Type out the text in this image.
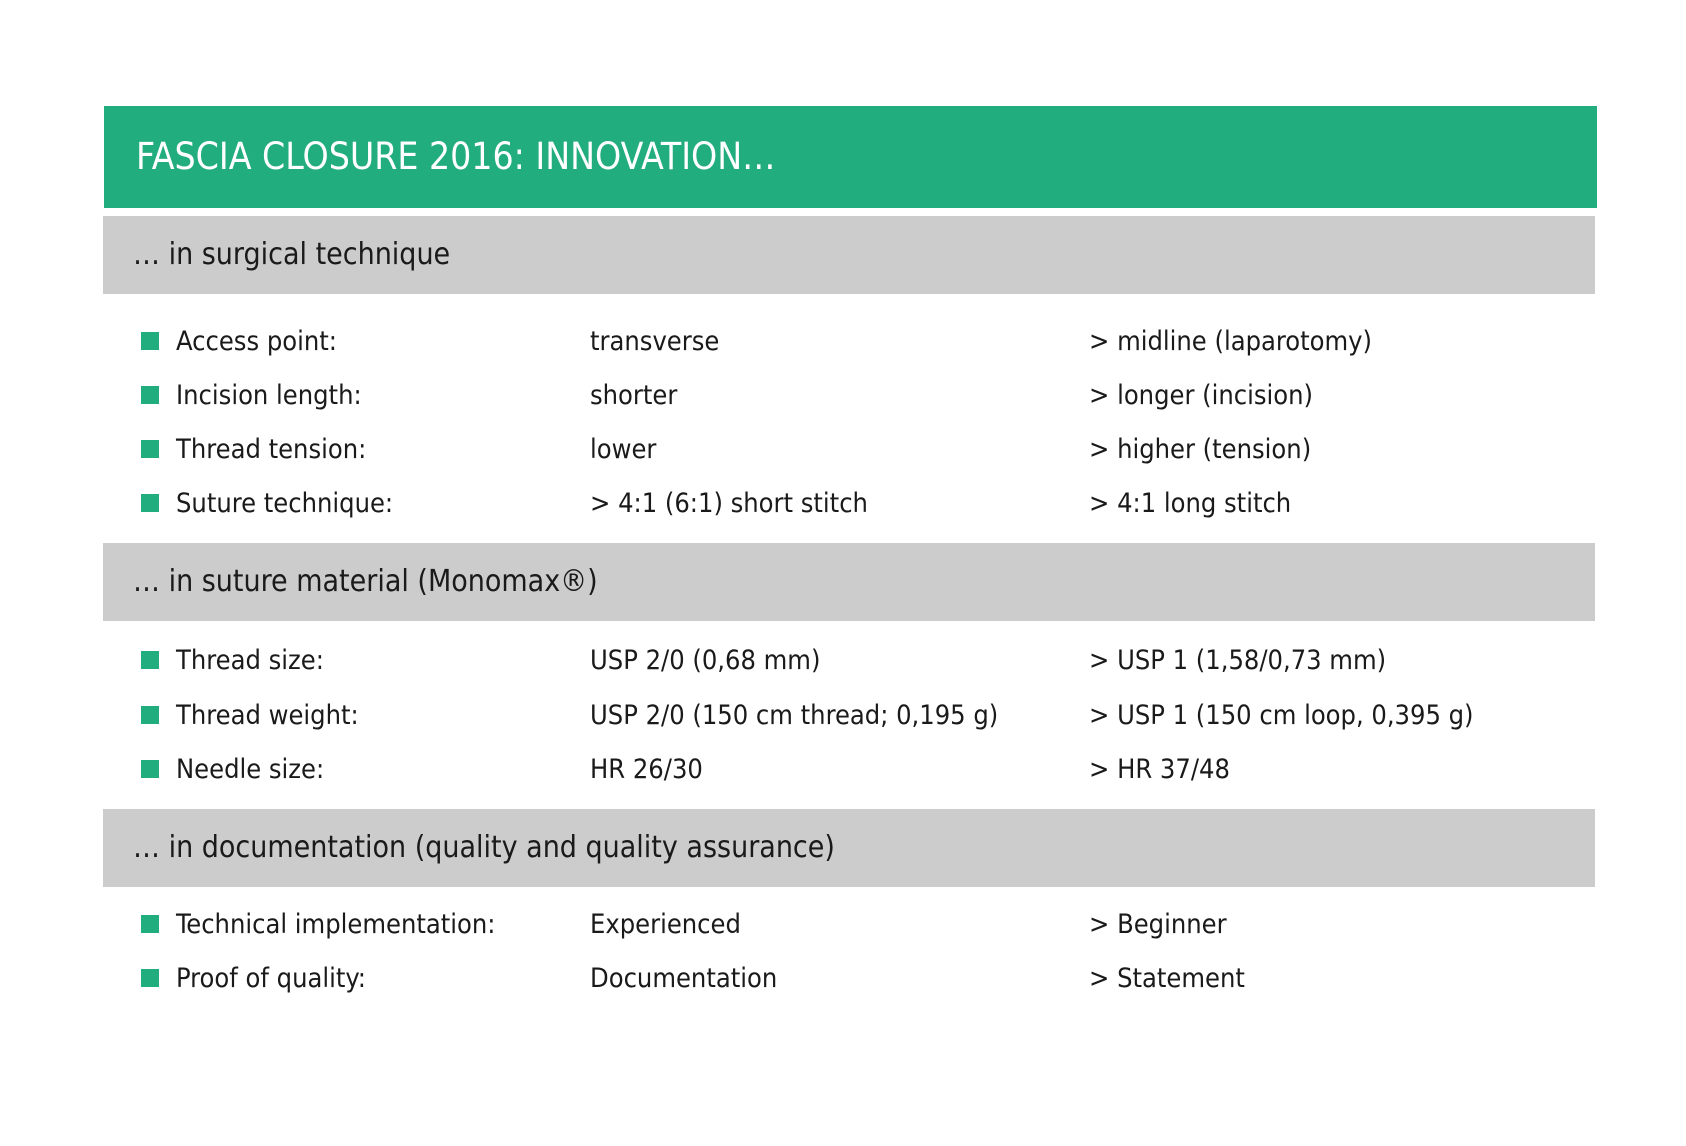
FASCIA CLOSURE 2016: INNOVATION…
… in surgical technique
Access point:	transverse	> midline (laparotomy)
Incision length:	shorter	> longer (incision)
Thread tension:	lower	> higher (tension)
Suture technique:	> 4:1 (6:1) short stitch	> 4:1 long stitch
… in suture material (Monomax®)
Thread size:	USP 2/0 (0,68 mm)	> USP 1 (1,58/0,73 mm)
Thread weight:	USP 2/0 (150 cm thread; 0,195 g)	> USP 1 (150 cm loop, 0,395 g)
Needle size:	HR 26/30	> HR 37/48
… in documentation (quality and quality assurance)
Technical implementation:	Experienced	> Beginner
Proof of quality:	Documentation	> Statement
